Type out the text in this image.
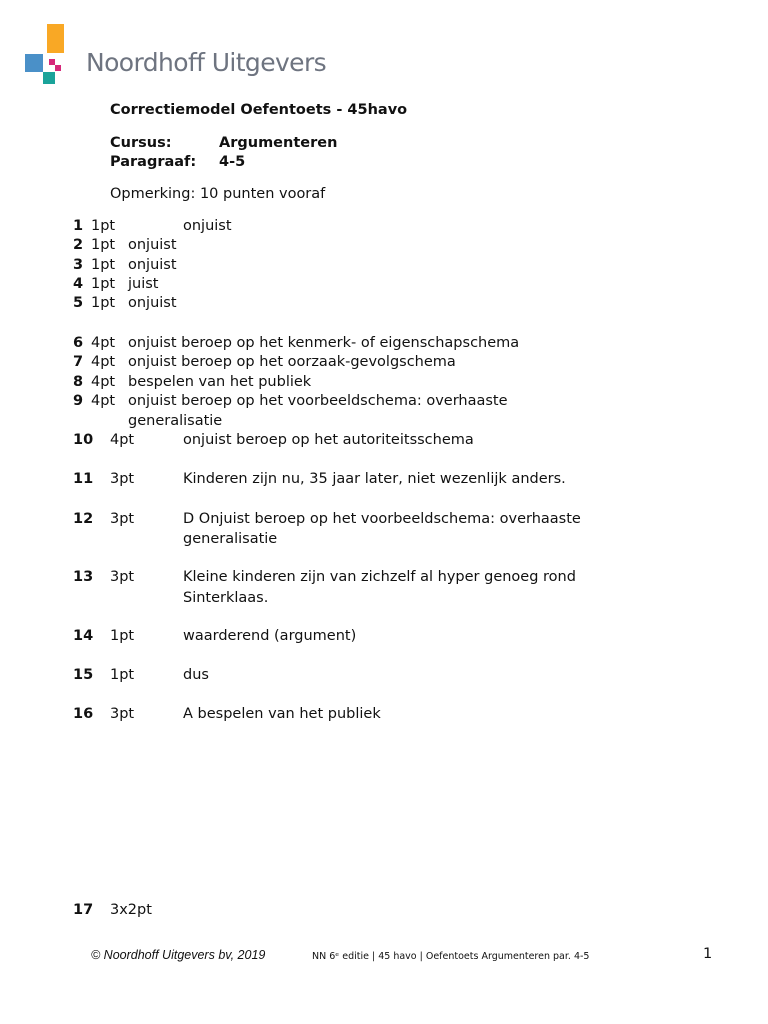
Noordhoff Uitgevers
Correctiemodel Oefentoets - 45havo
Cursus:	Argumenteren
Paragraaf: 4-5
Opmerking: 10 punten vooraf
1 1pt	onjuist
2 1pt onjuist
3 1pt onjuist
4 1pt juist
5 1pt onjuist
6 4pt onjuist beroep op het kenmerk- of eigenschapschema
7 4pt onjuist beroep op het oorzaak-gevolgschema
8 4pt bespelen van het publiek
9 4pt onjuist beroep op het voorbeeldschema: overhaaste
generalisatie
10 4pt	onjuist beroep op het autoriteitsschema
11 3pt	Kinderen zijn nu, 35 jaar later, niet wezenlijk anders.
12 3pt	D Onjuist beroep op het voorbeeldschema: overhaaste
generalisatie
13 3pt	Kleine kinderen zijn van zichzelf al hyper genoeg rond
Sinterklaas.
14 1pt	waarderend (argument)
15 1pt	dus
16 3pt	A bespelen van het publiek
17 3x2pt
© Noordhoff Uitgevers bv, 2019	NN 6ᵉ editie | 45 havo | Oefentoets Argumenteren par. 4-5	1
